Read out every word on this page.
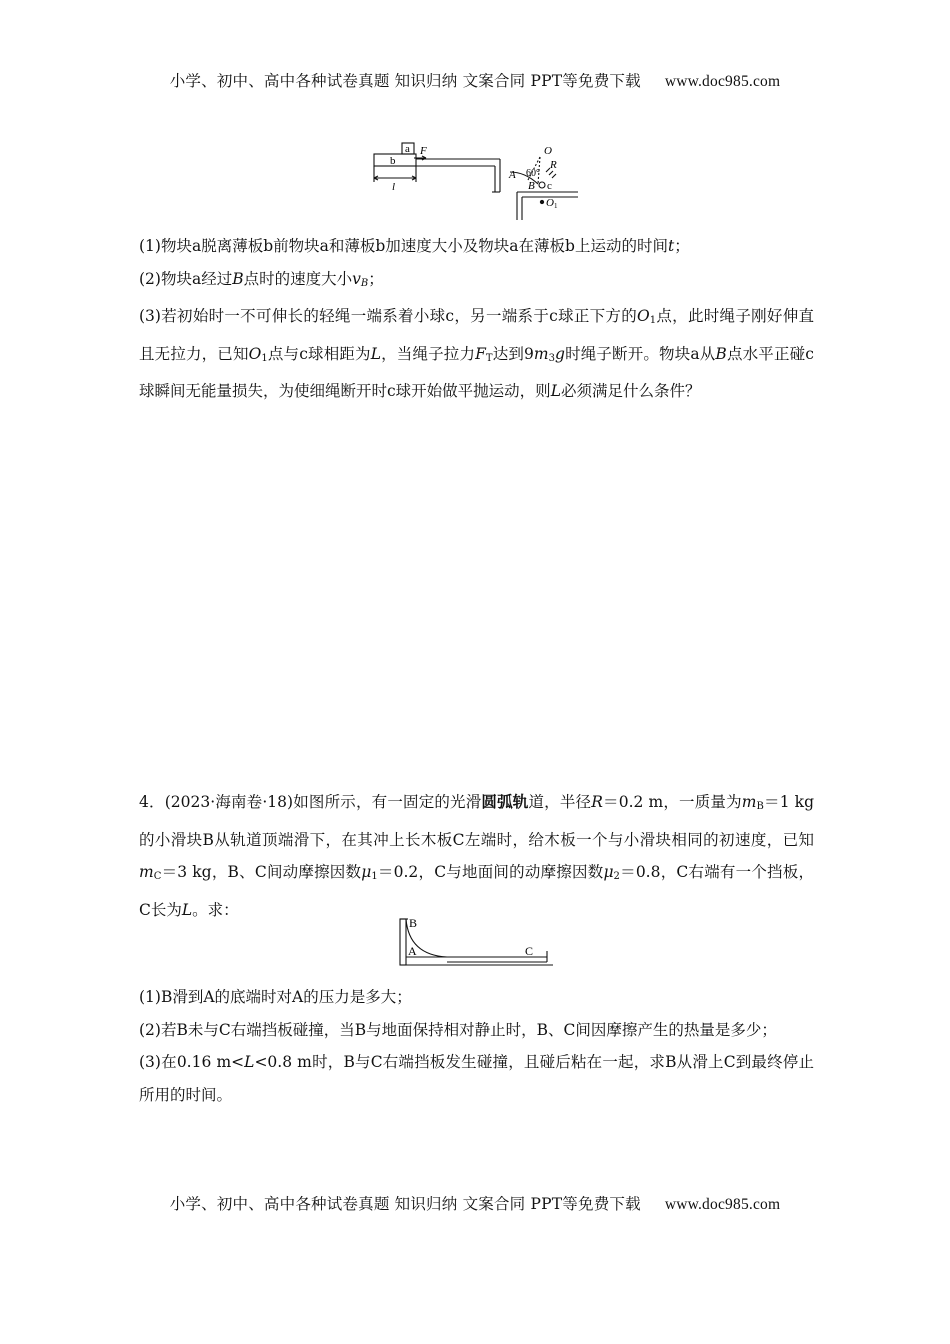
小学、初中、高中各种试卷真题 知识归纳 文案合同 PPT等免费下载 www.doc985.com
a
b
F
l
O
R
A 60°
B c
O1

(1)物块a脱离薄板b前物块a和薄板b加速度大小及物块a在薄板b上运动的时间t；

(2)物块a经过B点时的速度大小$v_B$；

(3)若初始时一不可伸长的轻绳一端系着小球c，另一端系于c球正下方的$O_1$点，此时绳子刚好伸直且无拉力，已知$O_1$点与c球相距为L，当绳子拉力$F_T$达到$9m_3g$时绳子断开。物块a从B点水平正碰c球瞬间无能量损失，为使细绳断开时c球开始做平抛运动，则L必须满足什么条件？

4．(2023·海南卷·18)如图所示，有一固定的光滑圆弧轨道，半径R＝0.2 m，一质量为$m_B=1$ kg的小滑块B从轨道顶端滑下，在其冲上长木板C左端时，给木板一个与小滑块相同的初速度，已知$m_C=3$ kg，B、C间动摩擦因数$\mu_1=0.2$，C与地面间的动摩擦因数$\mu_2=0.8$，C右端有一个挡板，C长为L。求：

B
A	C

(1)B滑到A的底端时对A的压力是多大；

(2)若B未与C右端挡板碰撞，当B与地面保持相对静止时，B、C间因摩擦产生的热量是多少；

(3)在0.16 m<L<0.8 m时，B与C右端挡板发生碰撞，且碰后粘在一起，求B从滑上C到最终停止所用的时间。

小学、初中、高中各种试卷真题 知识归纳 文案合同 PPT等免费下载 www.doc985.com
